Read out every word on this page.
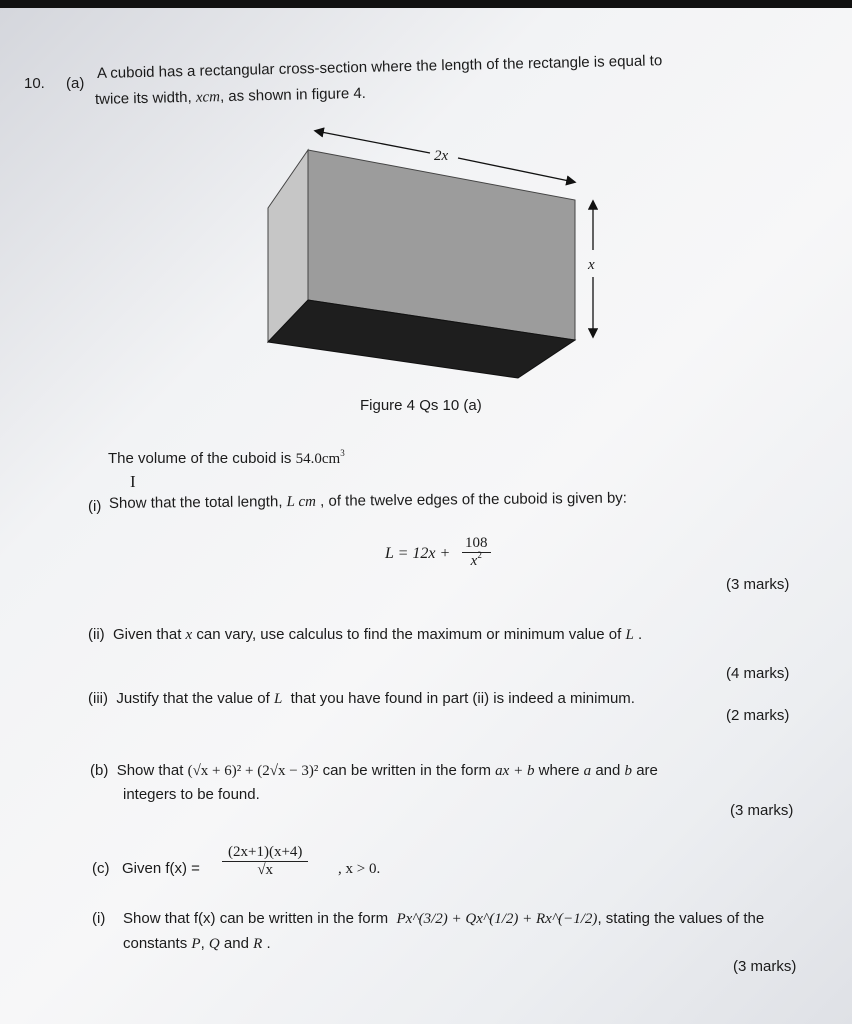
10. (a)
A cuboid has a rectangular cross-section where the length of the rectangle is equal to
twice its width, xcm, as shown in figure 4.
2x
x
Figure 4 Qs 10 (a)
The volume of the cuboid is $54.0cm^3$
I
(i) Show that the total length, L cm , of the twelve edges of the cuboid is given by:
$L = 12x + \frac{108}{x^2}$
(3 marks)
(ii) Given that x can vary, use calculus to find the maximum or minimum value of L .
(4 marks)
(iii) Justify that the value of L that you have found in part (ii) is indeed a minimum.
(2 marks)
(b) Show that (√x + 6)² + (2√x − 3)² can be written in the form ax + b where a and b are
integers to be found.
(3 marks)
(c) Given $f(x) = \frac{(2x+1)(x+4)}{√x}$ , x > 0.
(i) Show that f(x) can be written in the form Px^(3/2) + Qx^(1/2) + Rx^(−1/2), stating the values of the
constants P, Q and R .
(3 marks)
